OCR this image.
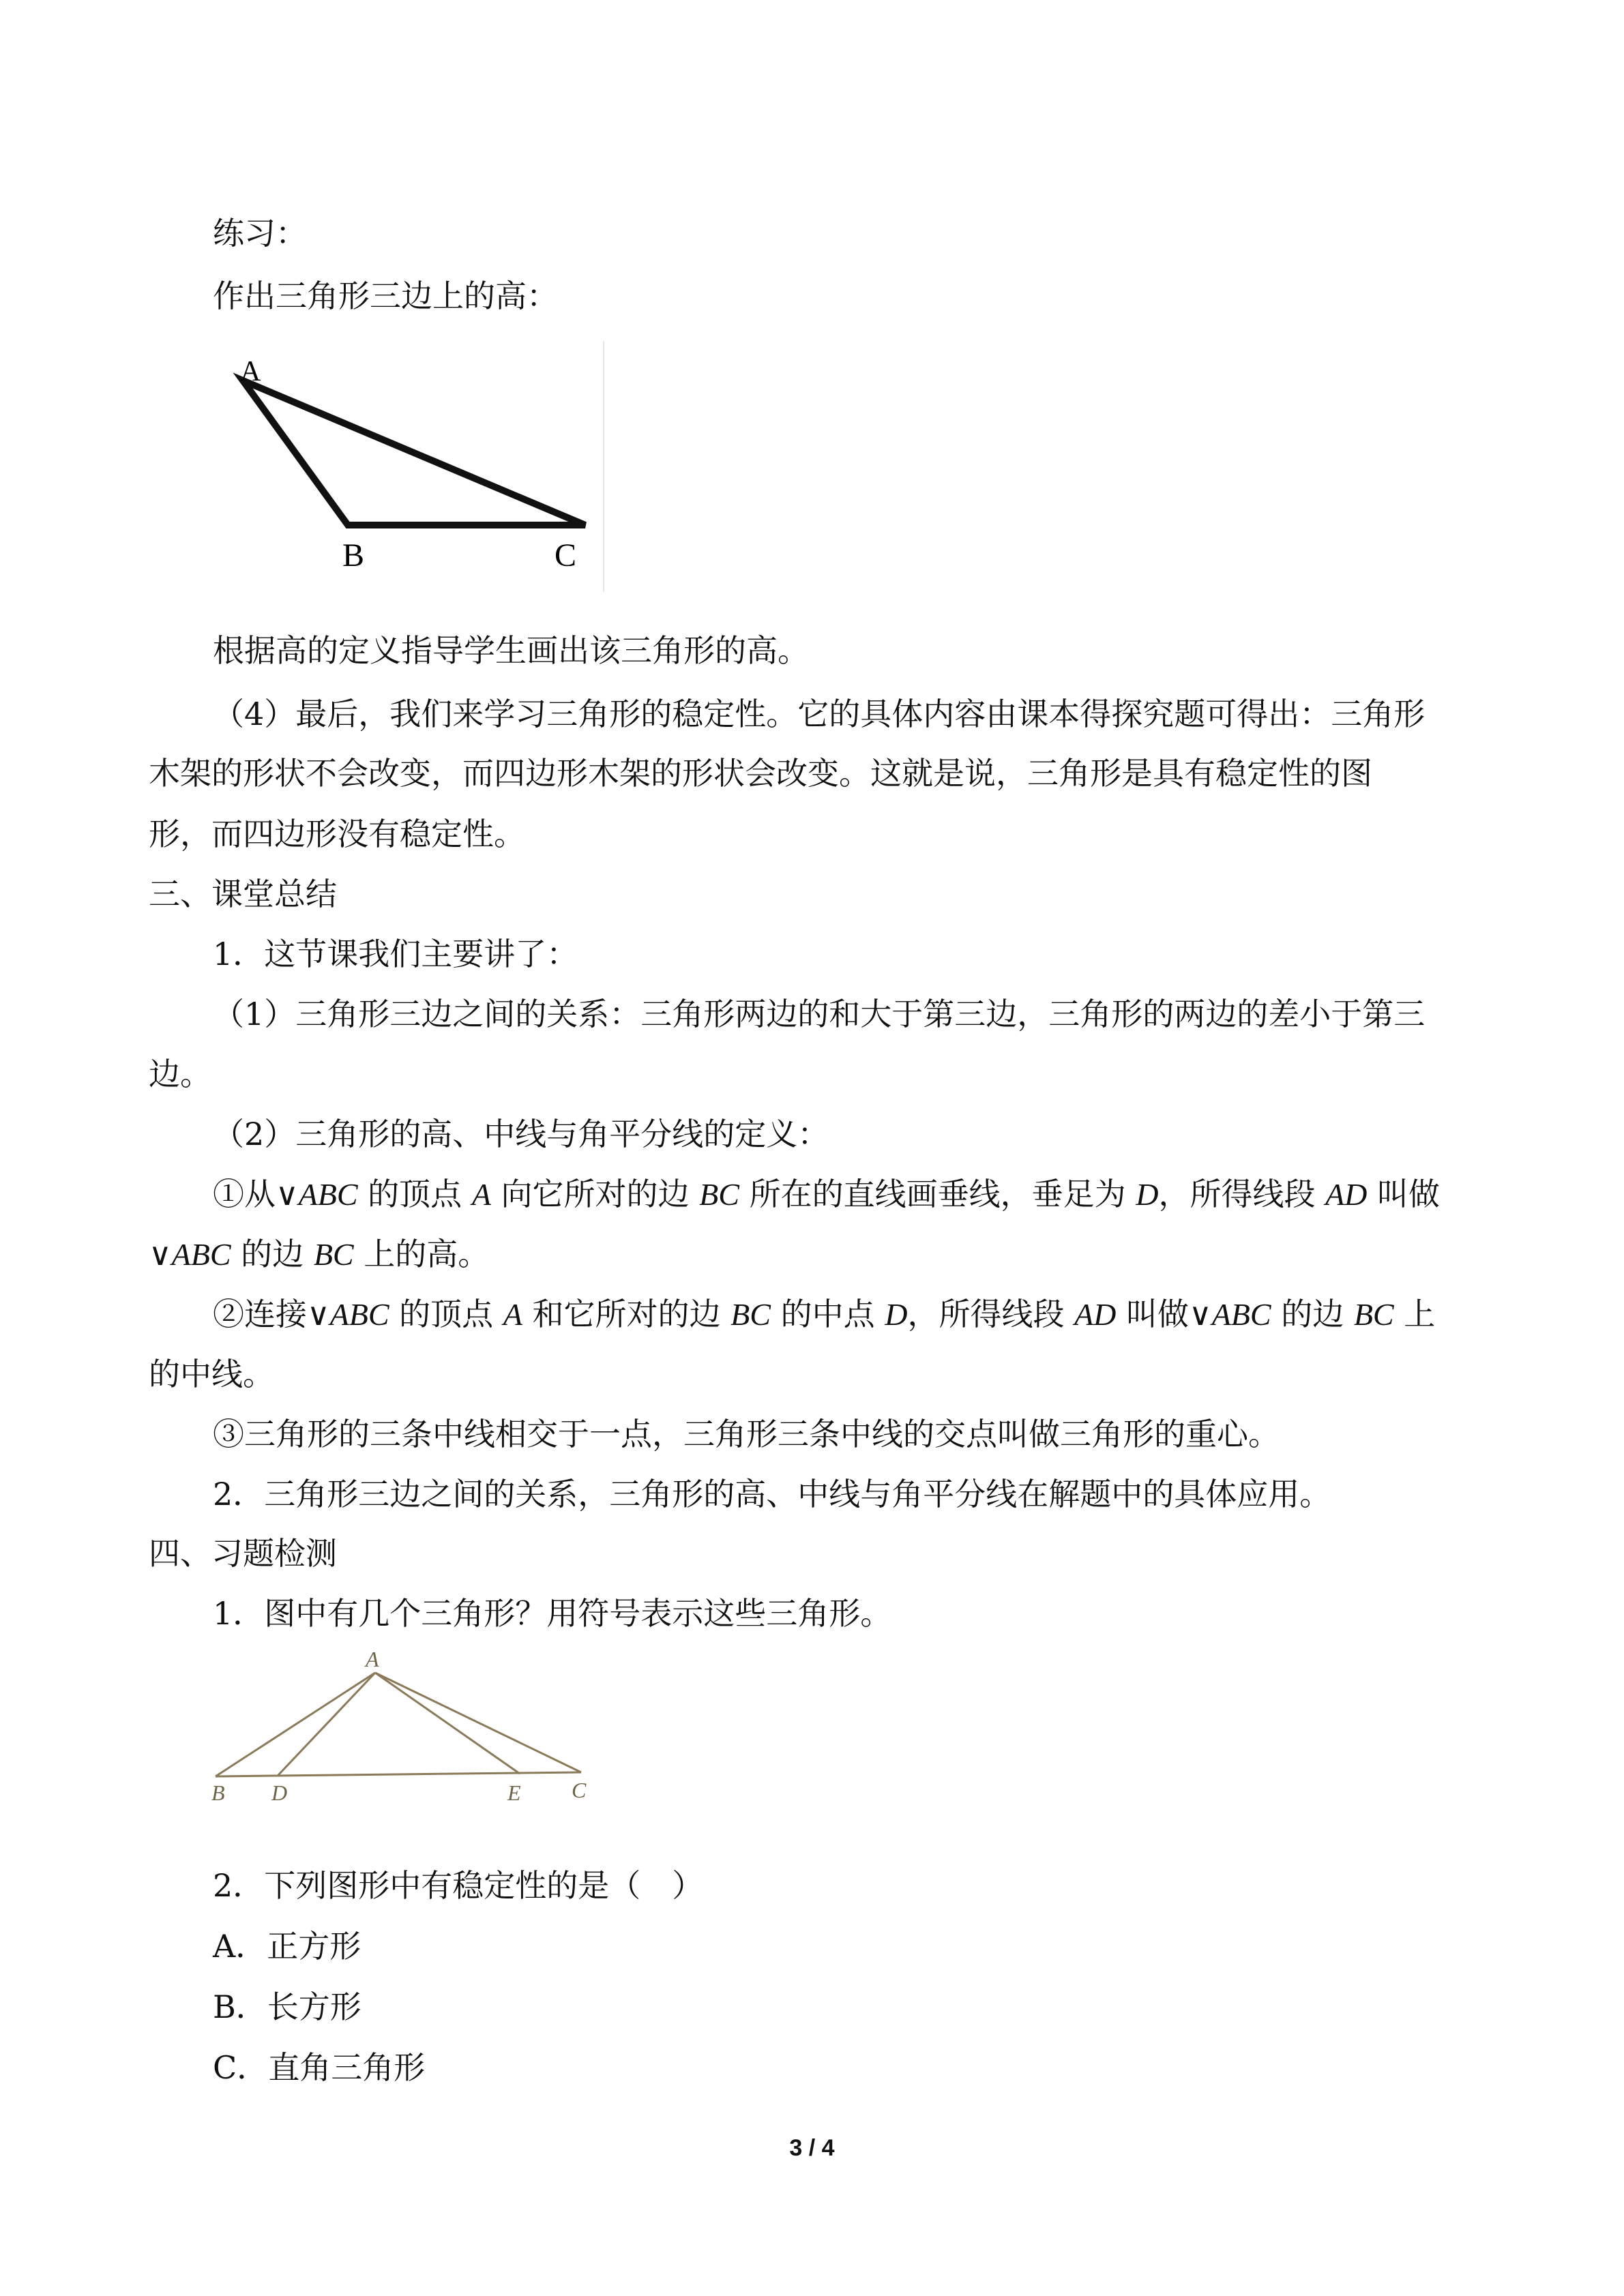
练习：
作出三角形三边上的高：
A
B	C
根据高的定义指导学生画出该三角形的高。
（4）最后，我们来学习三角形的稳定性。它的具体内容由课本得探究题可得出：三角形
木架的形状不会改变，而四边形木架的形状会改变。这就是说，三角形是具有稳定性的图
形，而四边形没有稳定性。
三、课堂总结
1．这节课我们主要讲了：
（1）三角形三边之间的关系：三角形两边的和大于第三边，三角形的两边的差小于第三
边。
（2）三角形的高、中线与角平分线的定义：
①从∨ABC 的顶点 A 向它所对的边 BC 所在的直线画垂线，垂足为 D，所得线段 AD 叫做
∨ABC 的边 BC 上的高。
②连接∨ABC 的顶点 A 和它所对的边 BC 的中点 D，所得线段 AD 叫做∨ABC 的边 BC 上
的中线。
③三角形的三条中线相交于一点，三角形三条中线的交点叫做三角形的重心。
2．三角形三边之间的关系，三角形的高、中线与角平分线在解题中的具体应用。
四、习题检测
1．图中有几个三角形？用符号表示这些三角形。
A
B D	E C
2．下列图形中有稳定性的是（　）
A．正方形
B．长方形
C．直角三角形
3 / 4
